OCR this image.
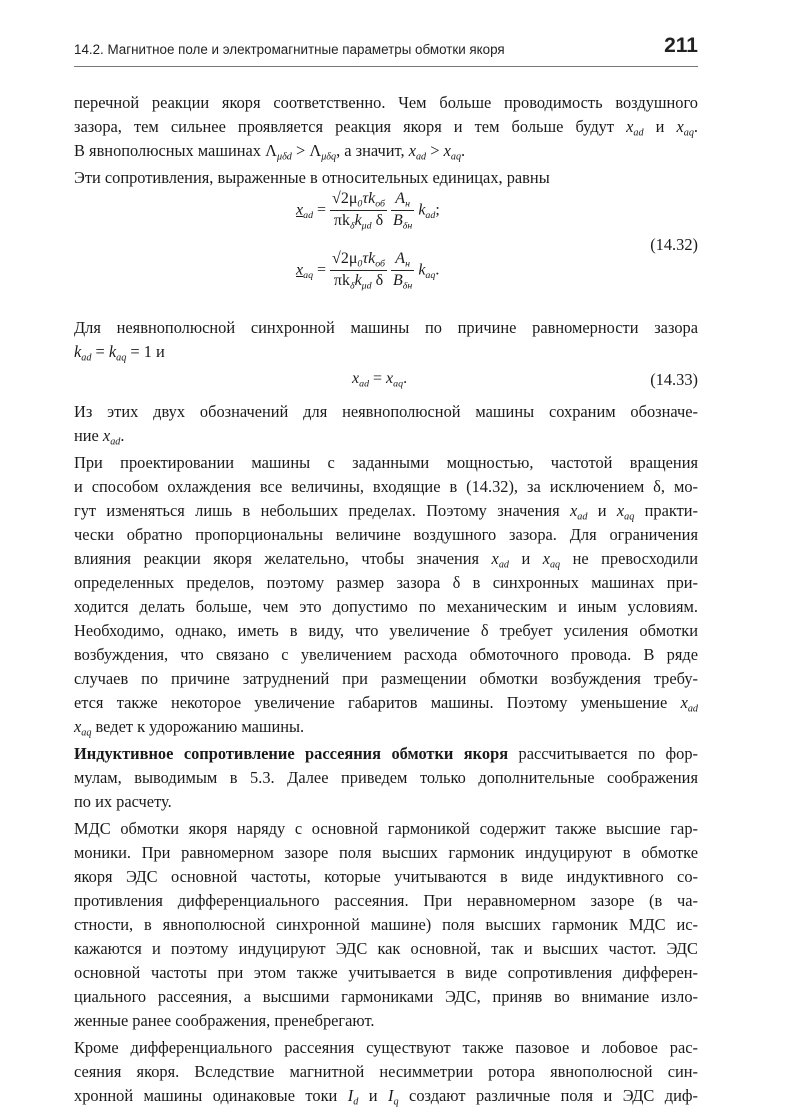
14.2. Магнитное поле и электромагнитные параметры обмотки якоря	211
перечной реакции якоря соответственно. Чем больше проводимость воздушного
зазора, тем сильнее проявляется реакция якоря и тем больше будут $x_{ad}$ и $x_{aq}$.
В явнополюсных машинах $\Lambda_{\mu\delta d} > \Lambda_{\mu\delta q}$, а значит, $x_{ad} > x_{aq}$.
Эти сопротивления, выраженные в относительных единицах, равны
$x_{ad} = \frac{√2\mu_0\tau k_{об}}{\pi k_\delta k_{\mu d} \delta}$
$\frac{A_н}{B_{\delta н}} k_{ad}$;
$x_{aq} = \frac{√2\mu_0\tau k_{об}}{\pi k_\delta k_{\mu d} \delta}$
$\frac{A_н}{B_{\delta н}} k_{aq}$.
(14.32)
Для неявнополюсной синхронной машины по причине равномерности зазора
$k_{ad} = k_{aq} = 1$ и
$x_{ad} = x_{aq}$.	(14.33)
Из этих двух обозначений для неявнополюсной машины сохраним обозначе-
ние $x_{ad}$.
При проектировании машины с заданными мощностью, частотой вращения
и способом охлаждения все величины, входящие в (14.32), за исключением δ, мо-
гут изменяться лишь в небольших пределах. Поэтому значения $x_{ad}$ и $x_{aq}$ практи-
чески обратно пропорциональны величине воздушного зазора. Для ограничения
влияния реакции якоря желательно, чтобы значения $x_{ad}$ и $x_{aq}$ не превосходили
определенных пределов, поэтому размер зазора δ в синхронных машинах при-
ходится делать больше, чем это допустимо по механическим и иным условиям.
Необходимо, однако, иметь в виду, что увеличение δ требует усиления обмотки
возбуждения, что связано с увеличением расхода обмоточного провода. В ряде
случаев по причине затруднений при размещении обмотки возбуждения требу-
ется также некоторое увеличение габаритов машины. Поэтому уменьшение $x_{ad}$
$x_{aq}$ ведет к удорожанию машины.
Индуктивное сопротивление рассеяния обмотки якоря рассчитывается по фор-
мулам, выводимым в 5.3. Далее приведем только дополнительные соображения
по их расчету.
МДС обмотки якоря наряду с основной гармоникой содержит также высшие гар-
моники. При равномерном зазоре поля высших гармоник индуцируют в обмотке
якоря ЭДС основной частоты, которые учитываются в виде индуктивного со-
противления дифференциального рассеяния. При неравномерном зазоре (в ча-
стности, в явнополюсной синхронной машине) поля высших гармоник МДС ис-
кажаются и поэтому индуцируют ЭДС как основной, так и высших частот. ЭДС
основной частоты при этом также учитывается в виде сопротивления дифферен-
циального рассеяния, а высшими гармониками ЭДС, приняв во внимание изло-
женные ранее соображения, пренебрегают.
Кроме дифференциального рассеяния существуют также пазовое и лобовое рас-
сеяния якоря. Вследствие магнитной несимметрии ротора явнополюсной син-
хронной машины одинаковые токи $I_d$ и $I_q$ создают различные поля и ЭДС диф-
